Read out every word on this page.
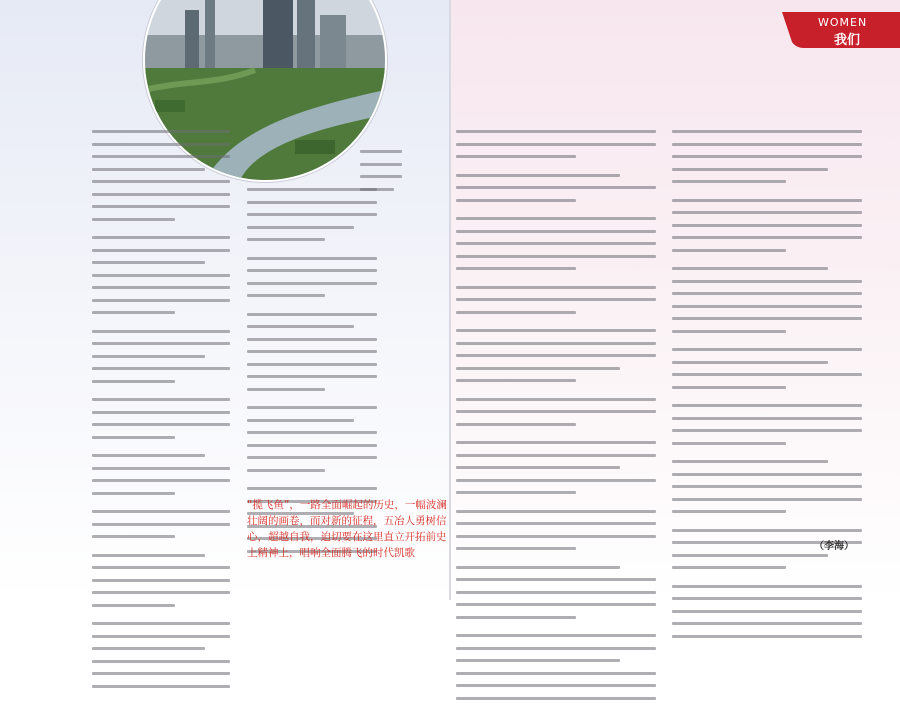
WOMEN
我们
“揽飞鱼”，一路全面崛起的历史，一幅波澜壮阔的画卷，而对新的征程，五冶人勇树信心，超越自我，迫切要在这里直立开拓前史上精神上，唱响全面腾飞的时代凯歌
（李海）
